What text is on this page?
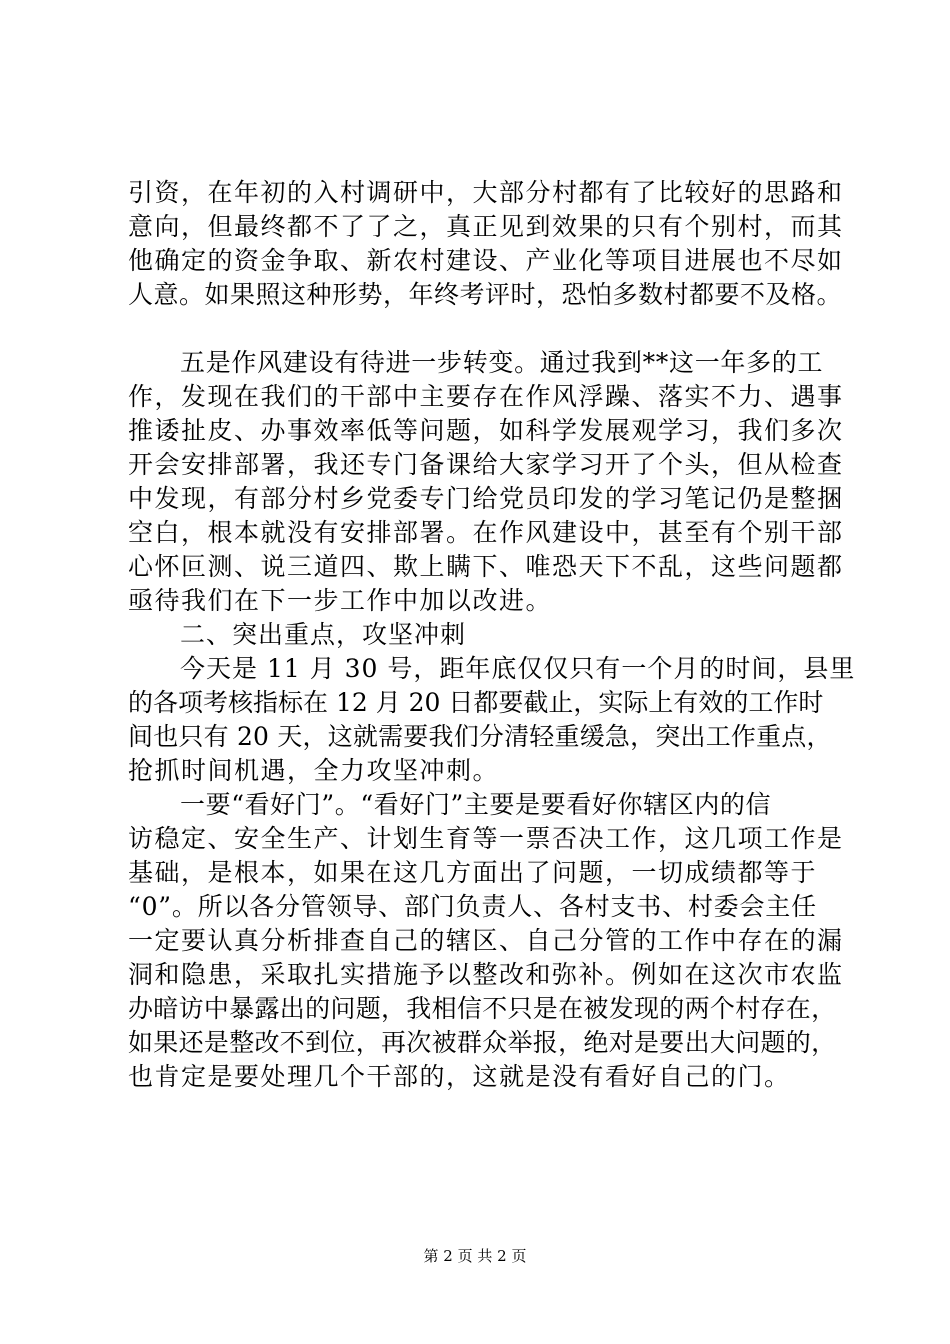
引资，在年初的入村调研中，大部分村都有了比较好的思路和
意向，但最终都不了了之，真正见到效果的只有个别村，而其
他确定的资金争取、新农村建设、产业化等项目进展也不尽如
人意。如果照这种形势，年终考评时，恐怕多数村都要不及格。
五是作风建设有待进一步转变。通过我到**这一年多的工
作，发现在我们的干部中主要存在作风浮躁、落实不力、遇事
推诿扯皮、办事效率低等问题，如科学发展观学习，我们多次
开会安排部署，我还专门备课给大家学习开了个头，但从检查
中发现，有部分村乡党委专门给党员印发的学习笔记仍是整捆
空白，根本就没有安排部署。在作风建设中，甚至有个别干部
心怀叵测、说三道四、欺上瞒下、唯恐天下不乱，这些问题都
亟待我们在下一步工作中加以改进。
二、突出重点，攻坚冲刺
今天是 11 月 30 号，距年底仅仅只有一个月的时间，县里
的各项考核指标在 12 月 20 日都要截止，实际上有效的工作时
间也只有 20 天，这就需要我们分清轻重缓急，突出工作重点，
抢抓时间机遇，全力攻坚冲刺。
一要“看好门”。“看好门”主要是要看好你辖区内的信
访稳定、安全生产、计划生育等一票否决工作，这几项工作是
基础，是根本，如果在这几方面出了问题，一切成绩都等于
“0”。所以各分管领导、部门负责人、各村支书、村委会主任
一定要认真分析排查自己的辖区、自己分管的工作中存在的漏
洞和隐患，采取扎实措施予以整改和弥补。例如在这次市农监
办暗访中暴露出的问题，我相信不只是在被发现的两个村存在，
如果还是整改不到位，再次被群众举报，绝对是要出大问题的，
也肯定是要处理几个干部的，这就是没有看好自己的门。
第 2 页 共 2 页
